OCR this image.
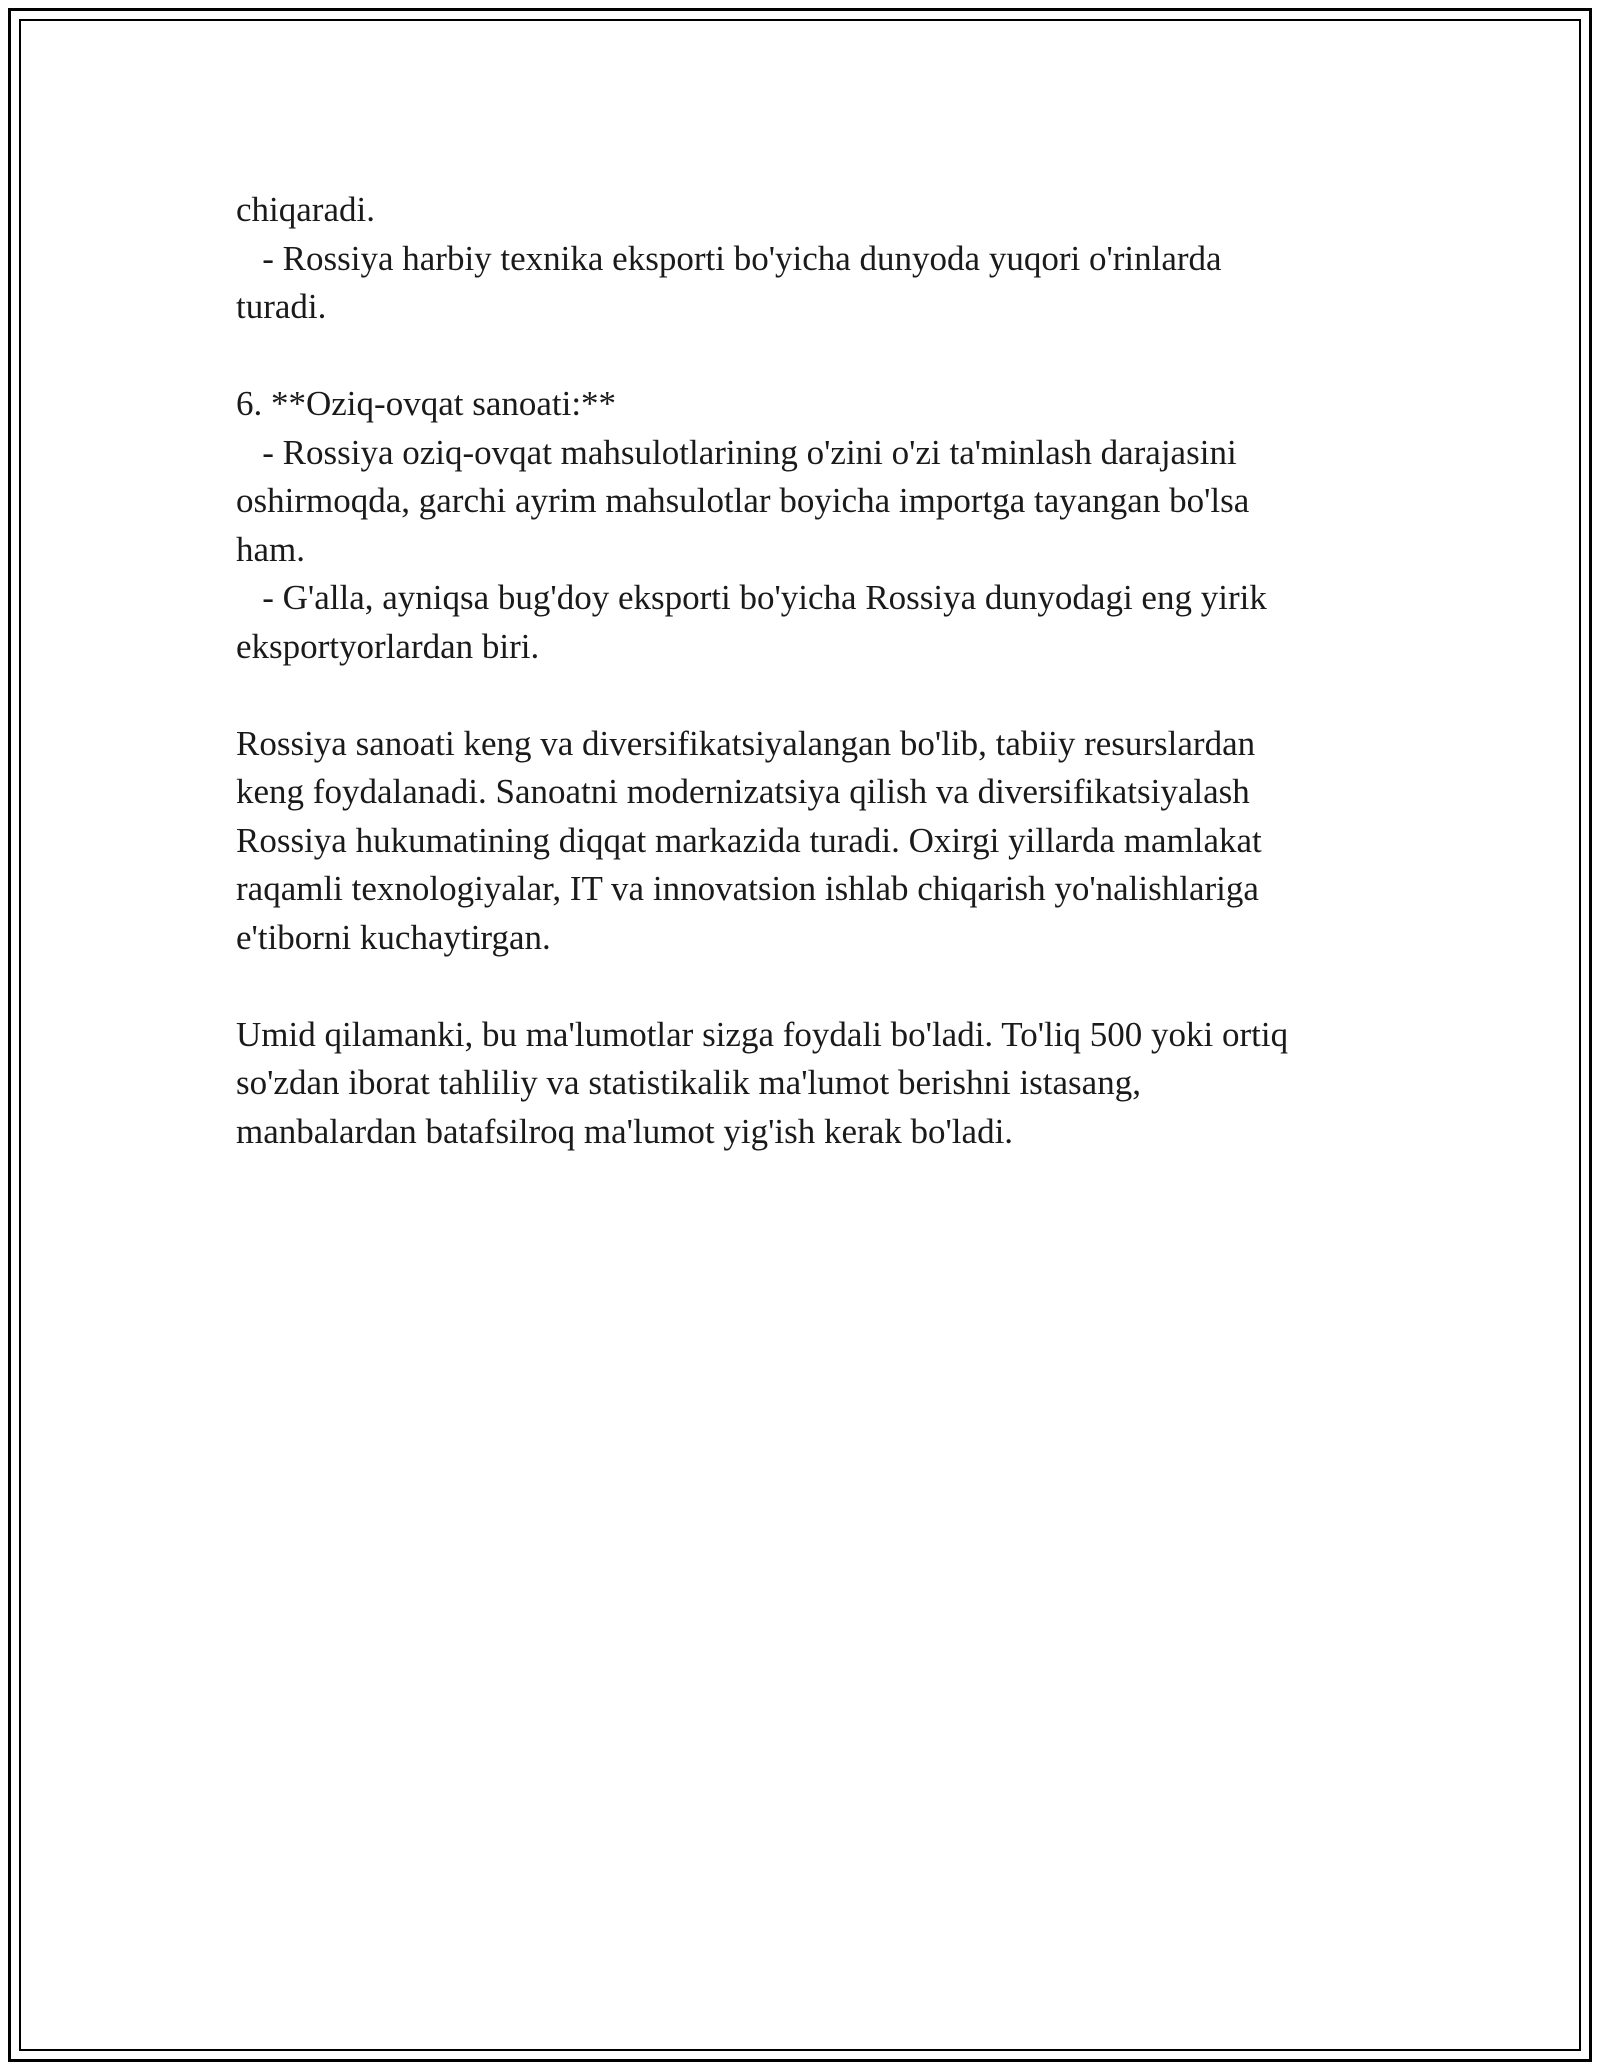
chiqaradi.
- Rossiya harbiy texnika eksporti bo'yicha dunyoda yuqori o'rinlarda
turadi.
6. **Oziq-ovqat sanoati:**
- Rossiya oziq-ovqat mahsulotlarining o'zini o'zi ta'minlash darajasini
oshirmoqda, garchi ayrim mahsulotlar boyicha importga tayangan bo'lsa
ham.
- G'alla, ayniqsa bug'doy eksporti bo'yicha Rossiya dunyodagi eng yirik
eksportyorlardan biri.
Rossiya sanoati keng va diversifikatsiyalangan bo'lib, tabiiy resurslardan
keng foydalanadi. Sanoatni modernizatsiya qilish va diversifikatsiyalash
Rossiya hukumatining diqqat markazida turadi. Oxirgi yillarda mamlakat
raqamli texnologiyalar, IT va innovatsion ishlab chiqarish yo'nalishlariga
e'tiborni kuchaytirgan.
Umid qilamanki, bu ma'lumotlar sizga foydali bo'ladi. To'liq 500 yoki ortiq
so'zdan iborat tahliliy va statistikalik ma'lumot berishni istasang,
manbalardan batafsilroq ma'lumot yig'ish kerak bo'ladi.
